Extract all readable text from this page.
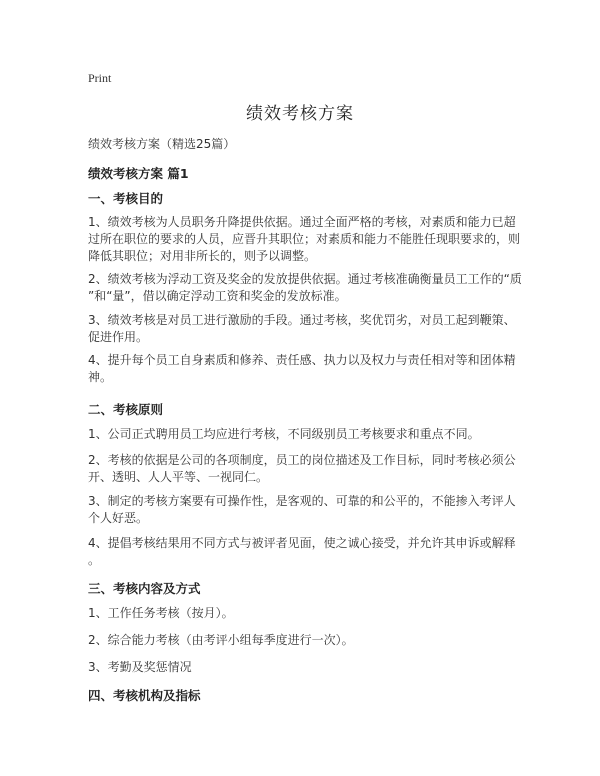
Print
绩效考核方案
绩效考核方案（精选25篇）
绩效考核方案 篇1
一、考核目的
1、绩效考核为人员职务升降提供依据。通过全面严格的考核，对素质和能力已超
过所在职位的要求的人员，应晋升其职位；对素质和能力不能胜任现职要求的，则
降低其职位；对用非所长的，则予以调整。
2、绩效考核为浮动工资及奖金的发放提供依据。通过考核准确衡量员工工作的“质
”和“量”，借以确定浮动工资和奖金的发放标准。
3、绩效考核是对员工进行激励的手段。通过考核，奖优罚劣，对员工起到鞭策、
促进作用。
4、提升每个员工自身素质和修养、责任感、执力以及权力与责任相对等和团体精
神。
二、考核原则
1、公司正式聘用员工均应进行考核，不同级别员工考核要求和重点不同。
2、考核的依据是公司的各项制度，员工的岗位描述及工作目标，同时考核必须公
开、透明、人人平等、一视同仁。
3、制定的考核方案要有可操作性，是客观的、可靠的和公平的，不能掺入考评人
个人好恶。
4、提倡考核结果用不同方式与被评者见面，使之诚心接受，并允许其申诉或解释
。
三、考核内容及方式
1、工作任务考核（按月）。
2、综合能力考核（由考评小组每季度进行一次）。
3、考勤及奖惩情况
四、考核机构及指标
